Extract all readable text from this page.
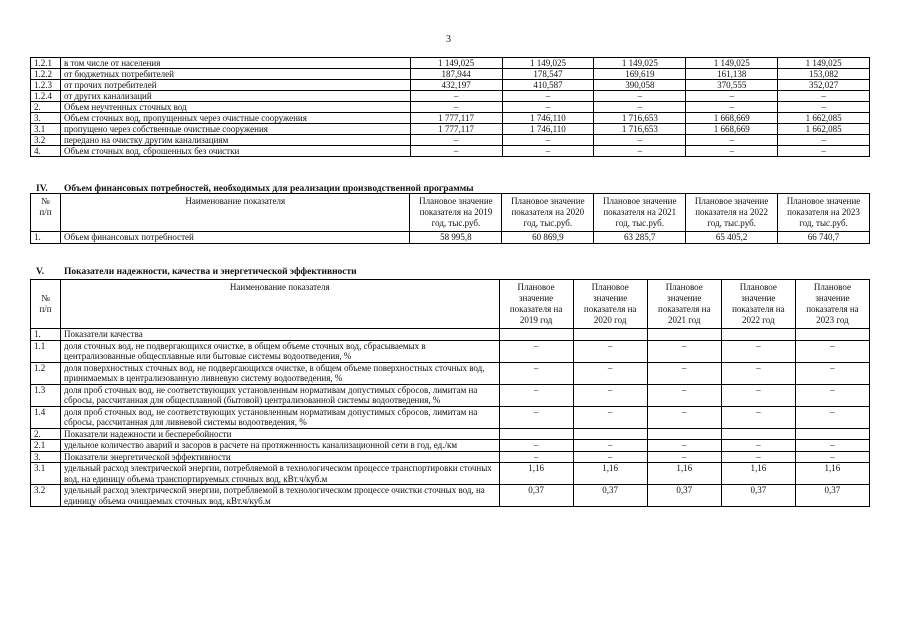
3
1.2.1	в том числе от населения	1 149,025	1 149,025	1 149,025	1 149,025	1 149,025
1.2.2	от бюджетных потребителей	187,944	178,547	169,619	161,138	153,082
1.2.3	от прочих потребителей	432,197	410,587	390,058	370,555	352,027
1.2.4	от других канализаций	–	–	–	–	–
2.	Объем неучтенных сточных вод	–	–	–	–	–
3.	Объем сточных вод, пропущенных через очистные сооружения	1 777,117	1 746,110	1 716,653	1 668,669	1 662,085
3.1	пропущено через собственные очистные сооружения	1 777,117	1 746,110	1 716,653	1 668,669	1 662,085
3.2	передано на очистку другим канализациям	–	–	–	–	–
4.	Объем сточных вод, сброшенных без очистки	–	–	–	–	–
IV. Объем финансовых потребностей, необходимых для реализации производственной программы
№
п/п	Наименование показателя	Плановое значение показателя на 2019 год, тыс.руб.	Плановое значение показателя на 2020 год, тыс.руб.	Плановое значение показателя на 2021 год, тыс.руб.	Плановое значение показателя на 2022 год, тыс.руб.	Плановое значение показателя на 2023 год, тыс.руб.
1.	Объем финансовых потребностей	58 995,8	60 869,9	63 285,7	65 405,2	66 740,7
V. Показатели надежности, качества и энергетической эффективности
№
п/п	Наименование показателя	Плановое значение показателя на 2019 год	Плановое значение показателя на 2020 год	Плановое значение показателя на 2021 год	Плановое значение показателя на 2022 год	Плановое значение показателя на 2023 год
1.	Показатели качества					
1.1	доля сточных вод, не подвергающихся очистке, в общем объеме сточных вод, сбрасываемых в централизованные общесплавные или бытовые системы водоотведения, %	–	–	–	–	–
1.2	доля поверхностных сточных вод, не подвергающихся очистке, в общем объеме поверхностных сточных вод, принимаемых в централизованную ливневую систему водоотведения, %	–	–	–	–	–
1.3	доля проб сточных вод, не соответствующих установленным нормативам допустимых сбросов, лимитам на сбросы, рассчитанная для общесплавной (бытовой) централизованной системы водоотведения, %	–	–	–	–	–
1.4	доля проб сточных вод, не соответствующих установленным нормативам допустимых сбросов, лимитам на сбросы, рассчитанная для ливневой системы водоотведения, %	–	–	–	–	–
2.	Показатели надежности и бесперебойности					
2.1	удельное количество аварий и засоров в расчете на протяженность канализационной сети в год, ед./км	–	–	–	–	–
3.	Показатели энергетической эффективности	–	–	–	–	–
3.1	удельный расход электрической энергии, потребляемой в технологическом процессе транспортировки сточных вод, на единицу объема транспортируемых сточных вод, кВт.ч/куб.м	1,16	1,16	1,16	1,16	1,16
3.2	удельный расход электрической энергии, потребляемой в технологическом процессе очистки сточных вод, на единицу объема очищаемых сточных вод, кВт.ч/куб.м	0,37	0,37	0,37	0,37	0,37
